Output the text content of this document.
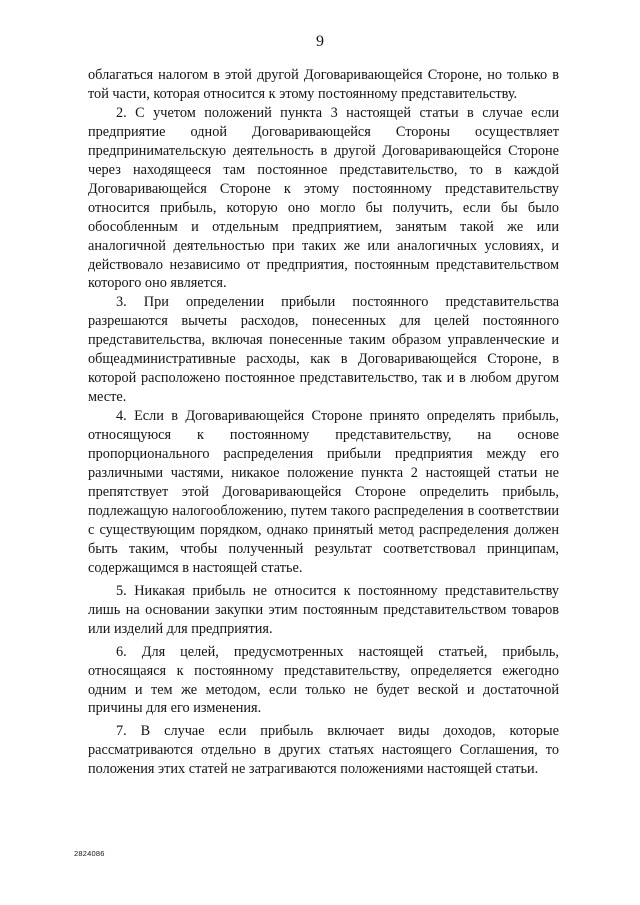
9

облагаться налогом в этой другой Договаривающейся Стороне, но только в той части, которая относится к этому постоянному представительству.

2. С учетом положений пункта 3 настоящей статьи в случае если предприятие одной Договаривающейся Стороны осуществляет предпринимательскую деятельность в другой Договаривающейся Стороне через находящееся там постоянное представительство, то в каждой Договаривающейся Стороне к этому постоянному представительству относится прибыль, которую оно могло бы получить, если бы было обособленным и отдельным предприятием, занятым такой же или аналогичной деятельностью при таких же или аналогичных условиях, и действовало независимо от предприятия, постоянным представительством которого оно является.

3. При определении прибыли постоянного представительства разрешаются вычеты расходов, понесенных для целей постоянного представительства, включая понесенные таким образом управленческие и общеадминистративные расходы, как в Договаривающейся Стороне, в которой расположено постоянное представительство, так и в любом другом месте.

4. Если в Договаривающейся Стороне принято определять прибыль, относящуюся к постоянному представительству, на основе пропорционального распределения прибыли предприятия между его различными частями, никакое положение пункта 2 настоящей статьи не препятствует этой Договаривающейся Стороне определить прибыль, подлежащую налогообложению, путем такого распределения в соответствии с существующим порядком, однако принятый метод распределения должен быть таким, чтобы полученный результат соответствовал принципам, содержащимся в настоящей статье.

5. Никакая прибыль не относится к постоянному представительству лишь на основании закупки этим постоянным представительством товаров или изделий для предприятия.

6. Для целей, предусмотренных настоящей статьей, прибыль, относящаяся к постоянному представительству, определяется ежегодно одним и тем же методом, если только не будет веской и достаточной причины для его изменения.

7. В случае если прибыль включает виды доходов, которые рассматриваются отдельно в других статьях настоящего Соглашения, то положения этих статей не затрагиваются положениями настоящей статьи.

2824086
